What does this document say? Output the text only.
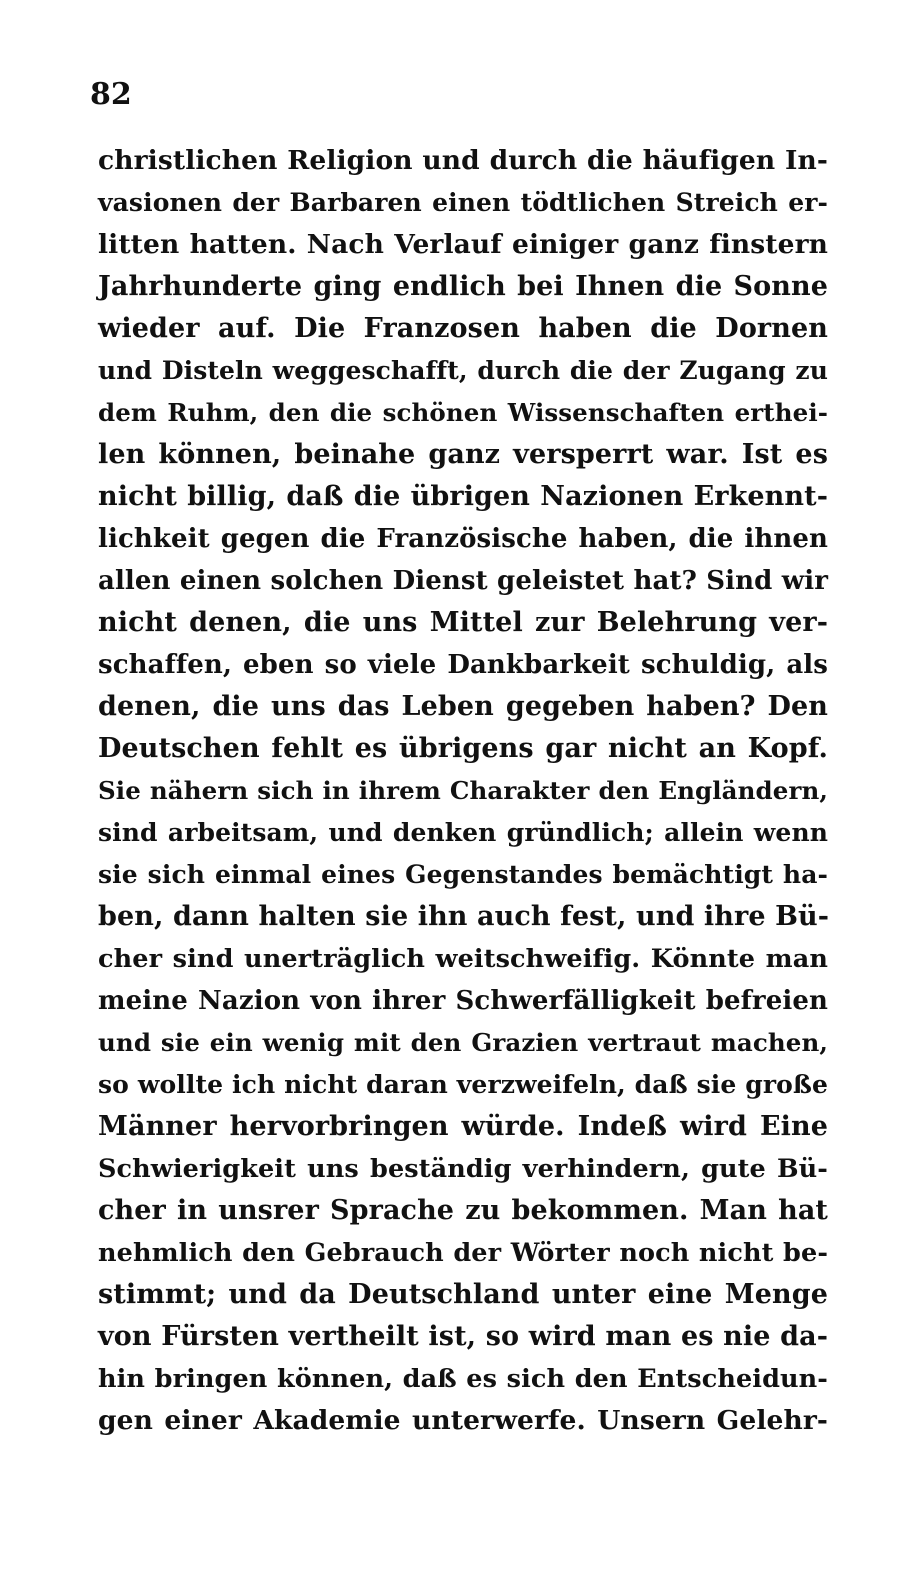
82
christlichen Religion und durch die häufigen In-
vasionen der Barbaren einen tödtlichen Streich er-
litten hatten. Nach Verlauf einiger ganz finstern
Jahrhunderte ging endlich bei Ihnen die Sonne
wieder auf. Die Franzosen haben die Dornen
und Disteln weggeschafft, durch die der Zugang zu
dem Ruhm, den die schönen Wissenschaften erthei-
len können, beinahe ganz versperrt war. Ist es
nicht billig, daß die übrigen Nazionen Erkennt-
lichkeit gegen die Französische haben, die ihnen
allen einen solchen Dienst geleistet hat? Sind wir
nicht denen, die uns Mittel zur Belehrung ver-
schaffen, eben so viele Dankbarkeit schuldig, als
denen, die uns das Leben gegeben haben? Den
Deutschen fehlt es übrigens gar nicht an Kopf.
Sie nähern sich in ihrem Charakter den Engländern,
sind arbeitsam, und denken gründlich; allein wenn
sie sich einmal eines Gegenstandes bemächtigt ha-
ben, dann halten sie ihn auch fest, und ihre Bü-
cher sind unerträglich weitschweifig. Könnte man
meine Nazion von ihrer Schwerfälligkeit befreien
und sie ein wenig mit den Grazien vertraut machen,
so wollte ich nicht daran verzweifeln, daß sie große
Männer hervorbringen würde. Indeß wird Eine
Schwierigkeit uns beständig verhindern, gute Bü-
cher in unsrer Sprache zu bekommen. Man hat
nehmlich den Gebrauch der Wörter noch nicht be-
stimmt; und da Deutschland unter eine Menge
von Fürsten vertheilt ist, so wird man es nie da-
hin bringen können, daß es sich den Entscheidun-
gen einer Akademie unterwerfe. Unsern Gelehr-
